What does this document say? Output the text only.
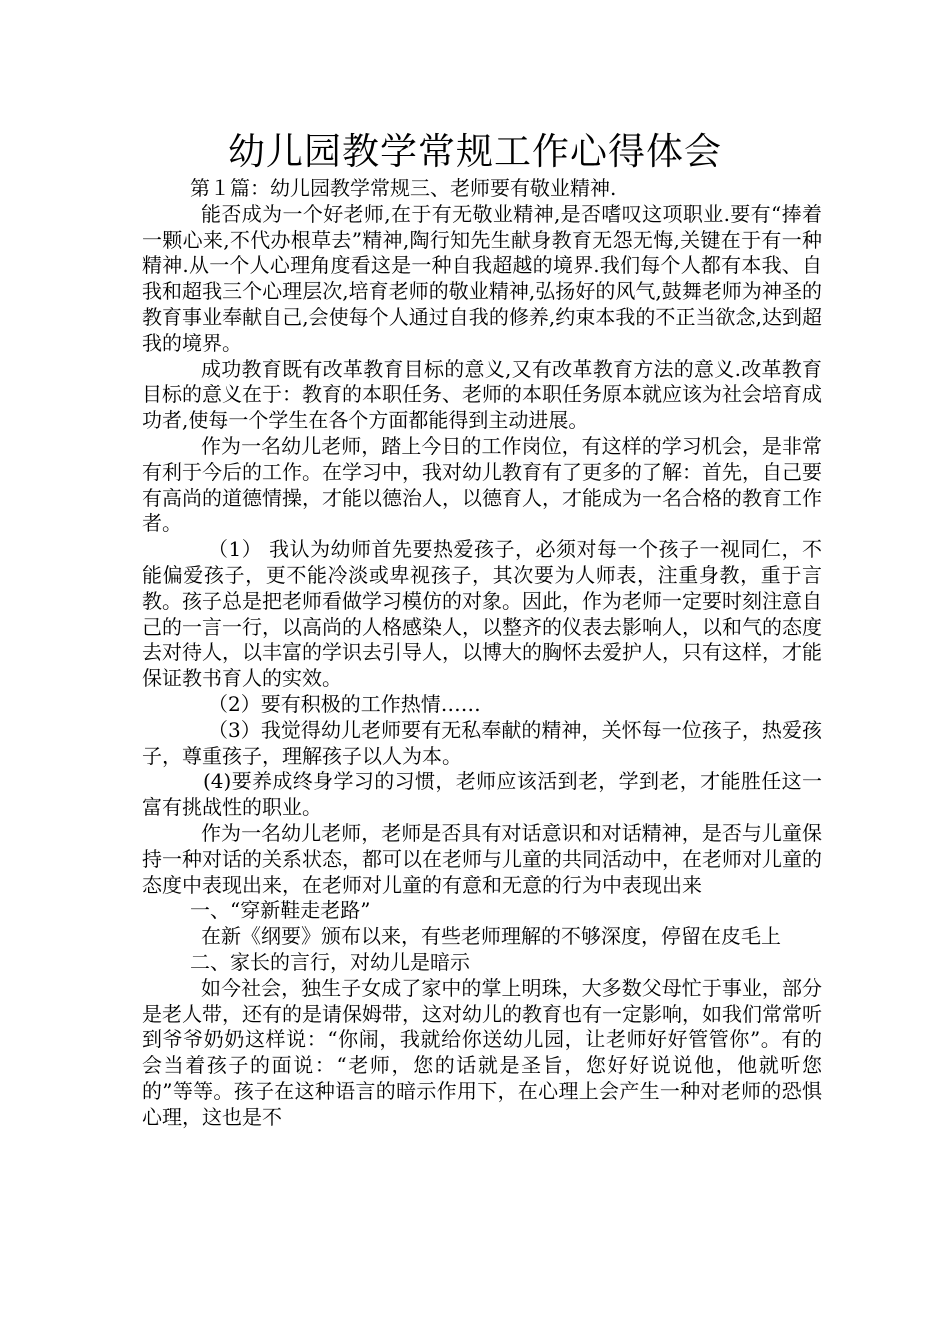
幼儿园教学常规工作心得体会

第１篇：幼儿园教学常规三、老师要有敬业精神.

能否成为一个好老师,在于有无敬业精神,是否嗜叹这项职业.要有“捧着一颗心来,不代办根草去”精神,陶行知先生献身教育无怨无悔,关键在于有一种精神.从一个人心理角度看这是一种自我超越的境界.我们每个人都有本我、自我和超我三个心理层次,培育老师的敬业精神,弘扬好的风气,鼓舞老师为神圣的教育事业奉献自己,会使每个人通过自我的修养,约束本我的不正当欲念,达到超我的境界。

成功教育既有改革教育目标的意义,又有改革教育方法的意义.改革教育目标的意义在于：教育的本职任务、老师的本职任务原本就应该为社会培育成功者,使每一个学生在各个方面都能得到主动进展。

作为一名幼儿老师，踏上今日的工作岗位，有这样的学习机会，是非常有利于今后的工作。在学习中，我对幼儿教育有了更多的了解：首先，自己要有高尚的道德情操，才能以德治人，以德育人，才能成为一名合格的教育工作者。

（1） 我认为幼师首先要热爱孩子，必须对每一个孩子一视同仁，不能偏爱孩子，更不能冷淡或卑视孩子，其次要为人师表，注重身教，重于言教。孩子总是把老师看做学习模仿的对象。因此，作为老师一定要时刻注意自己的一言一行，以高尚的人格感染人，以整齐的仪表去影响人，以和气的态度去对待人，以丰富的学识去引导人，以博大的胸怀去爱护人，只有这样，才能保证教书育人的实效。

（2）要有积极的工作热情……

（3）我觉得幼儿老师要有无私奉献的精神，关怀每一位孩子，热爱孩子，尊重孩子，理解孩子以人为本。

(4)要养成终身学习的习惯，老师应该活到老，学到老，才能胜任这一富有挑战性的职业。

作为一名幼儿老师，老师是否具有对话意识和对话精神，是否与儿童保持一种对话的关系状态，都可以在老师与儿童的共同活动中，在老师对儿童的态度中表现出来，在老师对儿童的有意和无意的行为中表现出来

一、“穿新鞋走老路”

在新《纲要》颁布以来，有些老师理解的不够深度，停留在皮毛上

二、家长的言行，对幼儿是暗示

如今社会，独生子女成了家中的掌上明珠，大多数父母忙于事业，部分是老人带，还有的是请保姆带，这对幼儿的教育也有一定影响，如我们常常听到爷爷奶奶这样说：“你闹，我就给你送幼儿园，让老师好好管管你”。有的会当着孩子的面说：“老师，您的话就是圣旨，您好好说说他，他就听您的”等等。孩子在这种语言的暗示作用下，在心理上会产生一种对老师的恐惧心理，这也是不
